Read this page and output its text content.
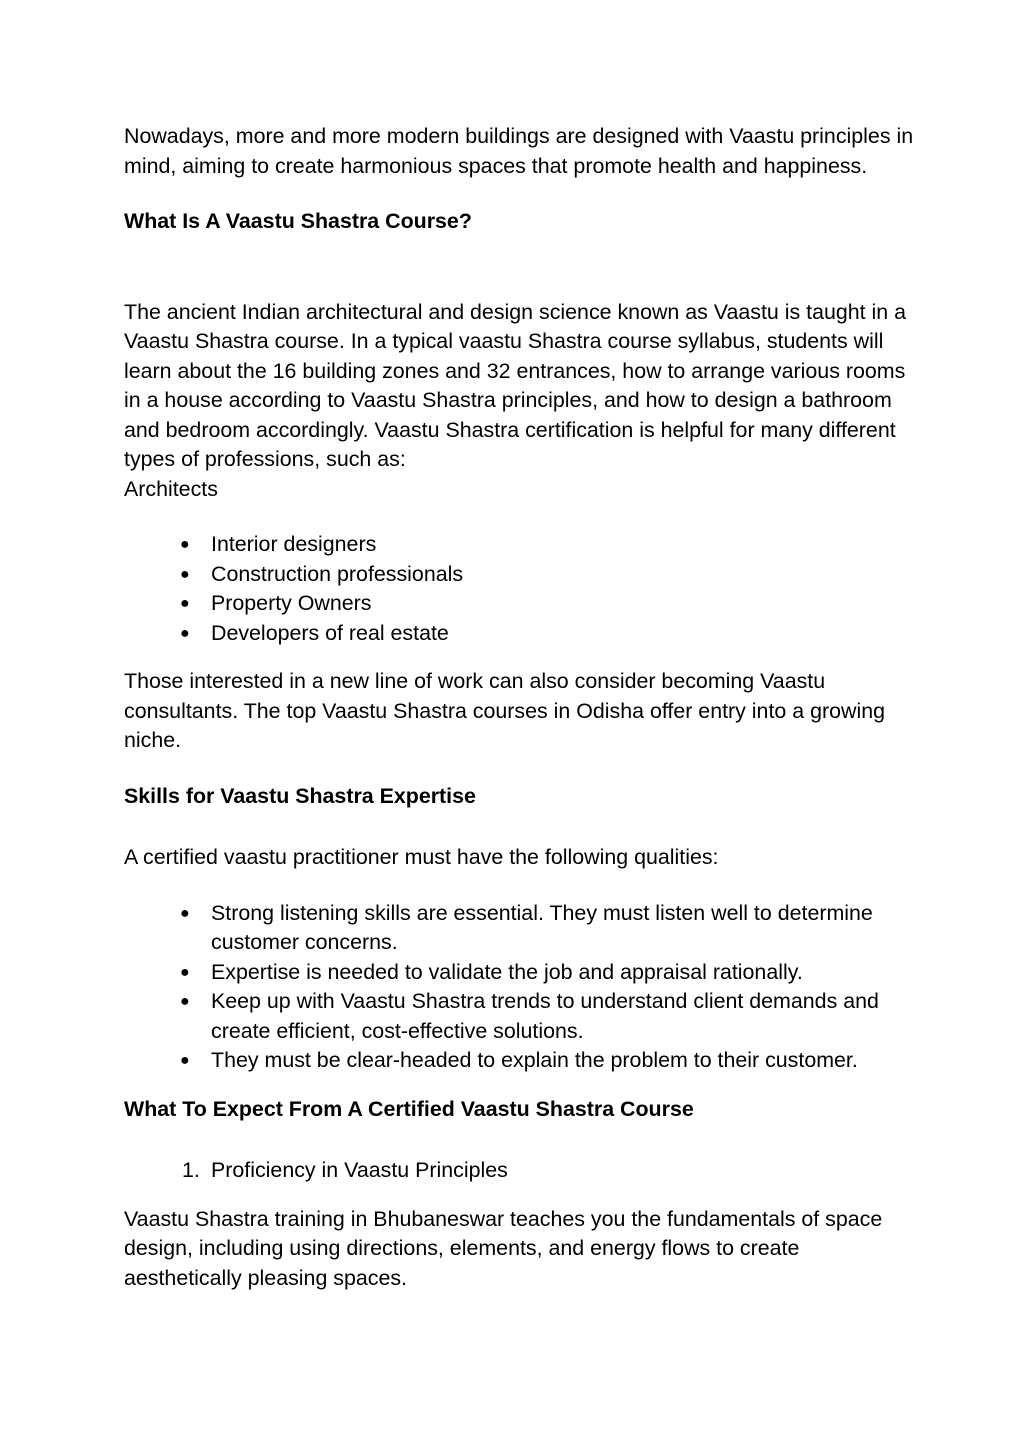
Nowadays, more and more modern buildings are designed with Vaastu principles in mind, aiming to create harmonious spaces that promote health and happiness.

What Is A Vaastu Shastra Course?

The ancient Indian architectural and design science known as Vaastu is taught in a Vaastu Shastra course. In a typical vaastu Shastra course syllabus, students will learn about the 16 building zones and 32 entrances, how to arrange various rooms in a house according to Vaastu Shastra principles, and how to design a bathroom and bedroom accordingly. Vaastu Shastra certification is helpful for many different types of professions, such as:

Architects

● Interior designers
● Construction professionals
● Property Owners
● Developers of real estate

Those interested in a new line of work can also consider becoming Vaastu consultants. The top Vaastu Shastra courses in Odisha offer entry into a growing niche.

Skills for Vaastu Shastra Expertise

A certified vaastu practitioner must have the following qualities:

● Strong listening skills are essential. They must listen well to determine customer concerns.
● Expertise is needed to validate the job and appraisal rationally.
● Keep up with Vaastu Shastra trends to understand client demands and create efficient, cost-effective solutions.
● They must be clear-headed to explain the problem to their customer.

What To Expect From A Certified Vaastu Shastra Course

1. Proficiency in Vaastu Principles

Vaastu Shastra training in Bhubaneswar teaches you the fundamentals of space design, including using directions, elements, and energy flows to create aesthetically pleasing spaces.
